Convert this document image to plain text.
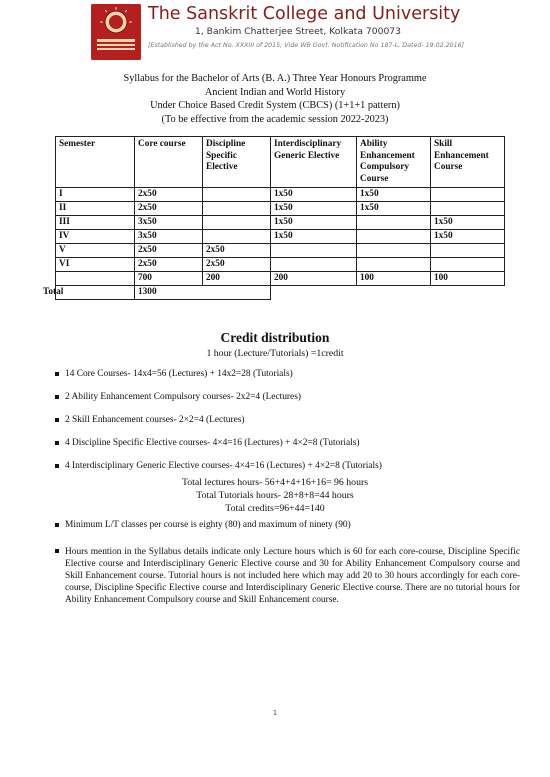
The Sanskrit College and University
1, Bankim Chatterjee Street, Kolkata 700073
[Established by the Act No. XXXIII of 2015; Vide WB Govt. Notification No 187-L, Dated- 19.02.2016]
Syllabus for the Bachelor of Arts (B. A.) Three Year Honours Programme
Ancient Indian and World History
Under Choice Based Credit System (CBCS) (1+1+1 pattern)
(To be effective from the academic session 2022-2023)
Semester	Core course	Discipline Specific Elective	Interdisciplinary Generic Elective	Ability Enhancement Compulsory Course	Skill Enhancement Course
I	2x50		1x50	1x50	
II	2x50		1x50	1x50	
III	3x50		1x50		1x50
IV	3x50		1x50		1x50
V	2x50	2x50			
VI	2x50	2x50			
	700	200	200	100	100
Total	1300			
Credit distribution
1 hour (Lecture/Tutorials) =1credit
14 Core Courses- 14x4=56 (Lectures) + 14x2=28 (Tutorials)
2 Ability Enhancement Compulsory courses- 2x2=4 (Lectures)
2 Skill Enhancement courses- 2×2=4 (Lectures)
4 Discipline Specific Elective courses- 4×4=16 (Lectures) + 4×2=8 (Tutorials)
4 Interdisciplinary Generic Elective courses- 4×4=16 (Lectures) + 4×2=8 (Tutorials)
Total lectures hours- 56+4+4+16+16= 96 hours
Total Tutorials hours- 28+8+8=44 hours
Total credits=96+44=140
Minimum L/T classes per course is eighty (80) and maximum of ninety (90)
Hours mention in the Syllabus details indicate only Lecture hours which is 60 for each core-course, Discipline Specific Elective course and Interdisciplinary Generic Elective course and 30 for Ability Enhancement Compulsory course and Skill Enhancement course. Tutorial hours is not included here which may add 20 to 30 hours accordingly for each core-course, Discipline Specific Elective course and Interdisciplinary Generic Elective course. There are no tutorial hours for Ability Enhancement Compulsory course and Skill Enhancement course.
1
